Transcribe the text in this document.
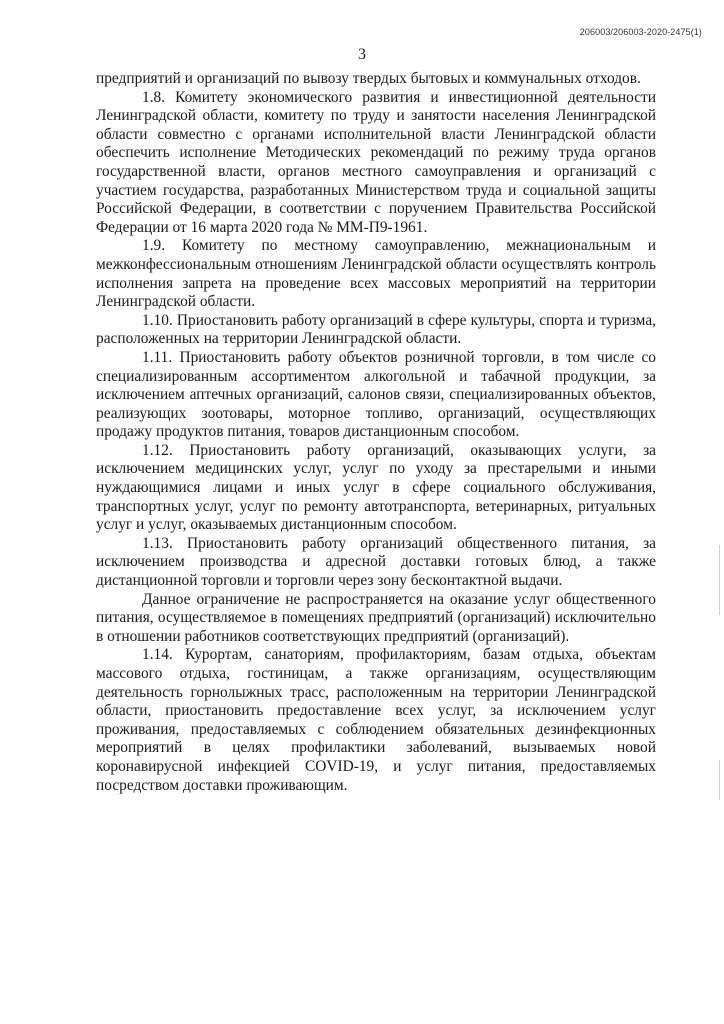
206003/206003-2020-2475(1)
3

предприятий и организаций по вывозу твердых бытовых и коммунальных отходов.

1.8. Комитету экономического развития и инвестиционной деятельности Ленинградской области, комитету по труду и занятости населения Ленинградской области совместно с органами исполнительной власти Ленинградской области обеспечить исполнение Методических рекомендаций по режиму труда органов государственной власти, органов местного самоуправления и организаций с участием государства, разработанных Министерством труда и социальной защиты Российской Федерации, в соответствии с поручением Правительства Российской Федерации от 16 марта 2020 года № ММ-П9-1961.

1.9. Комитету по местному самоуправлению, межнациональным и межконфессиональным отношениям Ленинградской области осуществлять контроль исполнения запрета на проведение всех массовых мероприятий на территории Ленинградской области.

1.10. Приостановить работу организаций в сфере культуры, спорта и туризма, расположенных на территории Ленинградской области.

1.11. Приостановить работу объектов розничной торговли, в том числе со специализированным ассортиментом алкогольной и табачной продукции, за исключением аптечных организаций, салонов связи, специализированных объектов, реализующих зоотовары, моторное топливо, организаций, осуществляющих продажу продуктов питания, товаров дистанционным способом.

1.12. Приостановить работу организаций, оказывающих услуги, за исключением медицинских услуг, услуг по уходу за престарелыми и иными нуждающимися лицами и иных услуг в сфере социального обслуживания, транспортных услуг, услуг по ремонту автотранспорта, ветеринарных, ритуальных услуг и услуг, оказываемых дистанционным способом.

1.13. Приостановить работу организаций общественного питания, за исключением производства и адресной доставки готовых блюд, а также дистанционной торговли и торговли через зону бесконтактной выдачи.

Данное ограничение не распространяется на оказание услуг общественного питания, осуществляемое в помещениях предприятий (организаций) исключительно в отношении работников соответствующих предприятий (организаций).

1.14. Курортам, санаториям, профилакториям, базам отдыха, объектам массового отдыха, гостиницам, а также организациям, осуществляющим деятельность горнолыжных трасс, расположенным на территории Ленинградской области, приостановить предоставление всех услуг, за исключением услуг проживания, предоставляемых с соблюдением обязательных дезинфекционных мероприятий в целях профилактики заболеваний, вызываемых новой коронавирусной инфекцией COVID-19, и услуг питания, предоставляемых посредством доставки проживающим.
